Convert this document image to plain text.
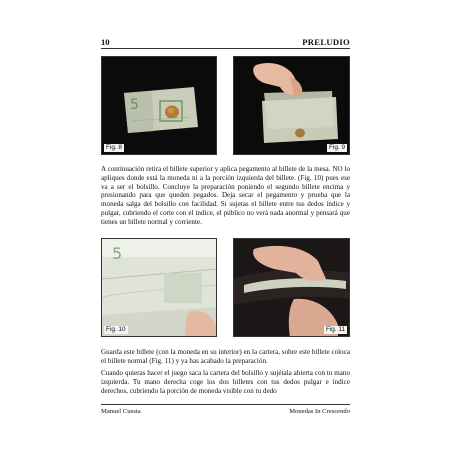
10	PRELUDIO
5
Fig. 8	Fig. 9

A continuación retira el billete superior y aplica pegamento al billete de la mesa. NO lo apliques donde está la moneda ni a la porción izquierda del billete. (Fig. 10) pues ese va a ser el bolsillo. Concluye la preparación poniendo el segundo billete encima y presionando para que queden pegados. Deja secar el pegamento y prueba que la moneda salga del bolsillo con facilidad. Si sujetas el billete entre tus dedos índice y pulgar, cubriendo el corte con el índice, el público no verá nada anormal y pensará que tienes un billete normal y corriente.

5
Fig. 10	Fig. 11

Guarda este billete (con la moneda en su interior) en la cartera, sobre este billete coloca el billete normal (Fig. 11) y ya has acabado la preparación.

Cuando quieras hacer el juego saca la cartera del bolsillo y sujétala abierta con tu mano izquierda. Tu mano derecha coge los dos billetes con tus dedos pulgar e índice derechos, cubriendo la porción de moneda visible con tu dedo

Manuel Cuesta	Monedas In Crescendo
